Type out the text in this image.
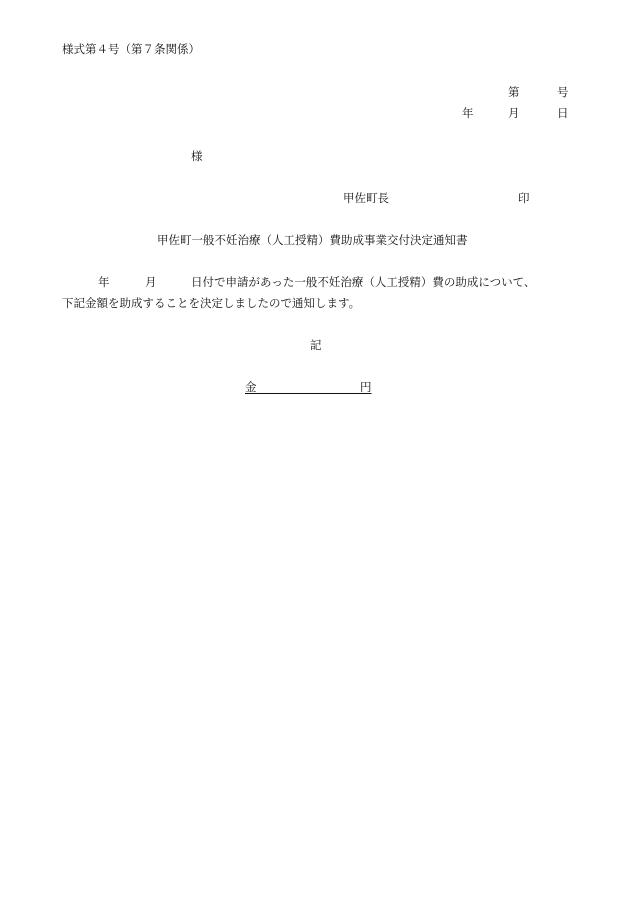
様式第４号（第７条関係）
第	号
年	月	日
様
甲佐町長	印
甲佐町一般不妊治療（人工授精）費助成事業交付決定通知書
年	月	日付で申請があった一般不妊治療（人工授精）費の助成について、
下記金額を助成することを決定しましたので通知します。
記
金　　　　　　　　　	円
